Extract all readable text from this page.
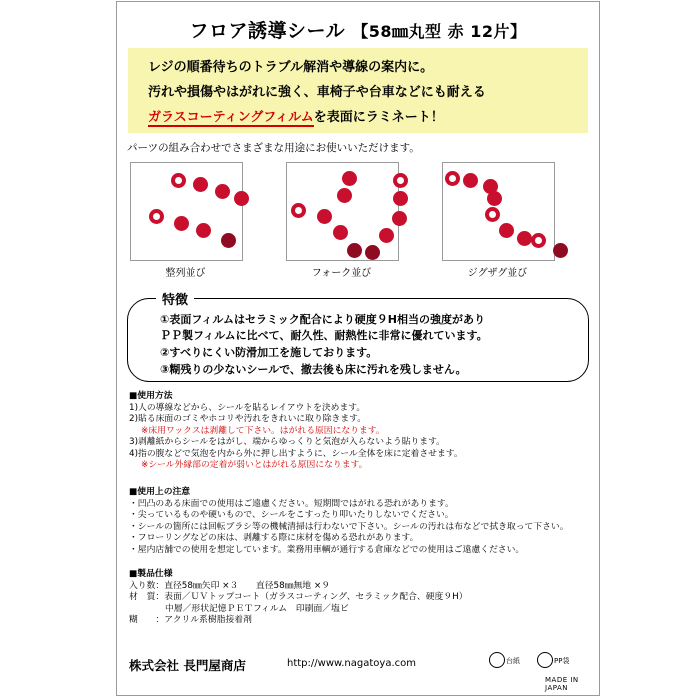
フロア誘導シール 【58㎜丸型 赤 12片】
レジの順番待ちのトラブル解消や導線の案内に。
汚れや損傷やはがれに強く、車椅子や台車などにも耐える
ガラスコーティングフィルムを表面にラミネート！
パーツの組み合わせでさまざまな用途にお使いいただけます。
整列並び	フォーク並び	ジグザグ並び
特徴
①表面フィルムはセラミック配合により硬度９H相当の強度があり
ＰＰ製フィルムに比べて、耐久性、耐熱性に非常に優れています。
②すべりにくい防滑加工を施しております。
③糊残りの少ないシールで、撤去後も床に汚れを残しません。
■使用方法
1)人の導線などから、シールを貼るレイアウトを決めます。
2)貼る床面のゴミやホコリや汚れをきれいに取り除きます。
※床用ワックスは剥離して下さい。はがれる原因になります。
3)剥離紙からシールをはがし、端からゆっくりと気泡が入らないよう貼ります。
4)指の腹などで気泡を内から外に押し出すように、シール全体を床に定着させます。
※シール外縁部の定着が弱いとはがれる原因になります。
■使用上の注意
・凹凸のある床面での使用はご遠慮ください。短期間ではがれる恐れがあります。
・尖っているものや硬いもので、シールをこすったり叩いたりしないでください。
・シールの箇所には回転ブラシ等の機械清掃は行わないで下さい。シールの汚れは布などで拭き取って下さい。
・フローリングなどの床は、剥離する際に床材を傷める恐れがあります。
・屋内店舗での使用を想定しています。業務用車輌が通行する倉庫などでの使用はご遠慮ください。
■製品仕様
入り数：直径58㎜矢印 ×３　　直径58㎜無地 ×９
材　質：表面／ＵＶトップコート（ガラスコーティング、セラミック配合、硬度９H）
中層／形状記憶ＰＥＴフィルム　印刷面／塩ビ
糊　　：アクリル系樹脂接着剤
株式会社 長門屋商店	http://www.nagatoya.com	台紙	PP袋
MADE IN JAPAN
